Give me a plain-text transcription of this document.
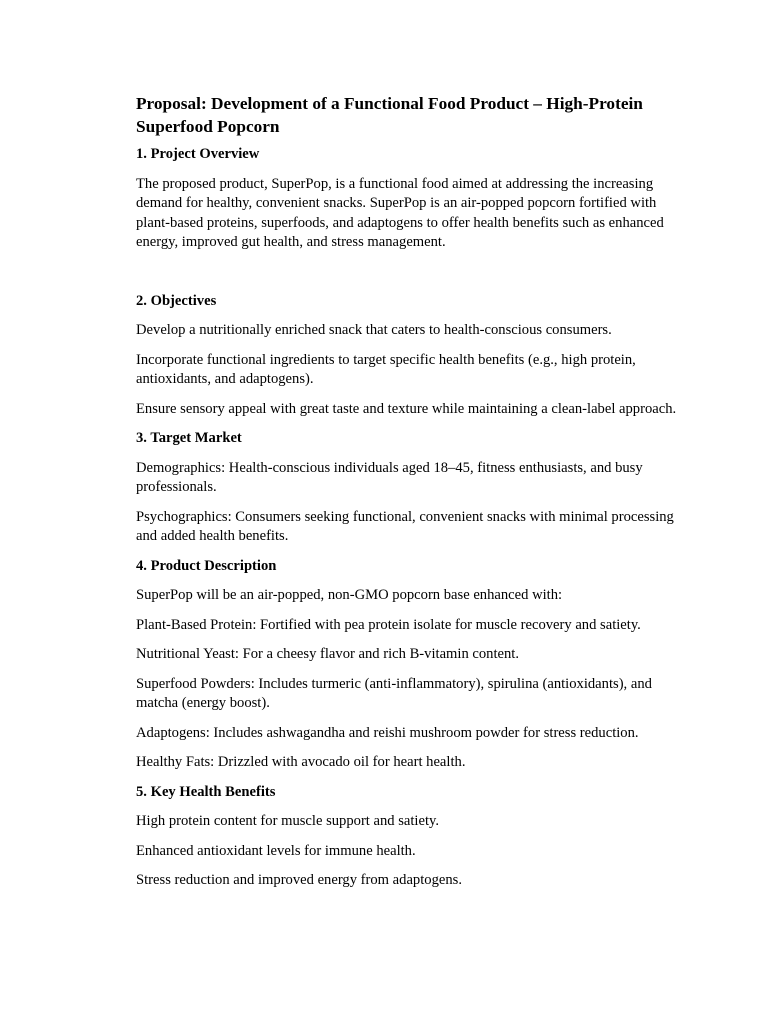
Proposal: Development of a Functional Food Product – High-Protein Superfood Popcorn
1. Project Overview

The proposed product, SuperPop, is a functional food aimed at addressing the increasing demand for healthy, convenient snacks. SuperPop is an air-popped popcorn fortified with plant-based proteins, superfoods, and adaptogens to offer health benefits such as enhanced energy, improved gut health, and stress management.

2. Objectives

Develop a nutritionally enriched snack that caters to health-conscious consumers.

Incorporate functional ingredients to target specific health benefits (e.g., high protein, antioxidants, and adaptogens).

Ensure sensory appeal with great taste and texture while maintaining a clean-label approach.

3. Target Market

Demographics: Health-conscious individuals aged 18–45, fitness enthusiasts, and busy professionals.

Psychographics: Consumers seeking functional, convenient snacks with minimal processing and added health benefits.

4. Product Description

SuperPop will be an air-popped, non-GMO popcorn base enhanced with:

Plant-Based Protein: Fortified with pea protein isolate for muscle recovery and satiety.

Nutritional Yeast: For a cheesy flavor and rich B-vitamin content.

Superfood Powders: Includes turmeric (anti-inflammatory), spirulina (antioxidants), and matcha (energy boost).

Adaptogens: Includes ashwagandha and reishi mushroom powder for stress reduction.

Healthy Fats: Drizzled with avocado oil for heart health.

5. Key Health Benefits

High protein content for muscle support and satiety.

Enhanced antioxidant levels for immune health.

Stress reduction and improved energy from adaptogens.
